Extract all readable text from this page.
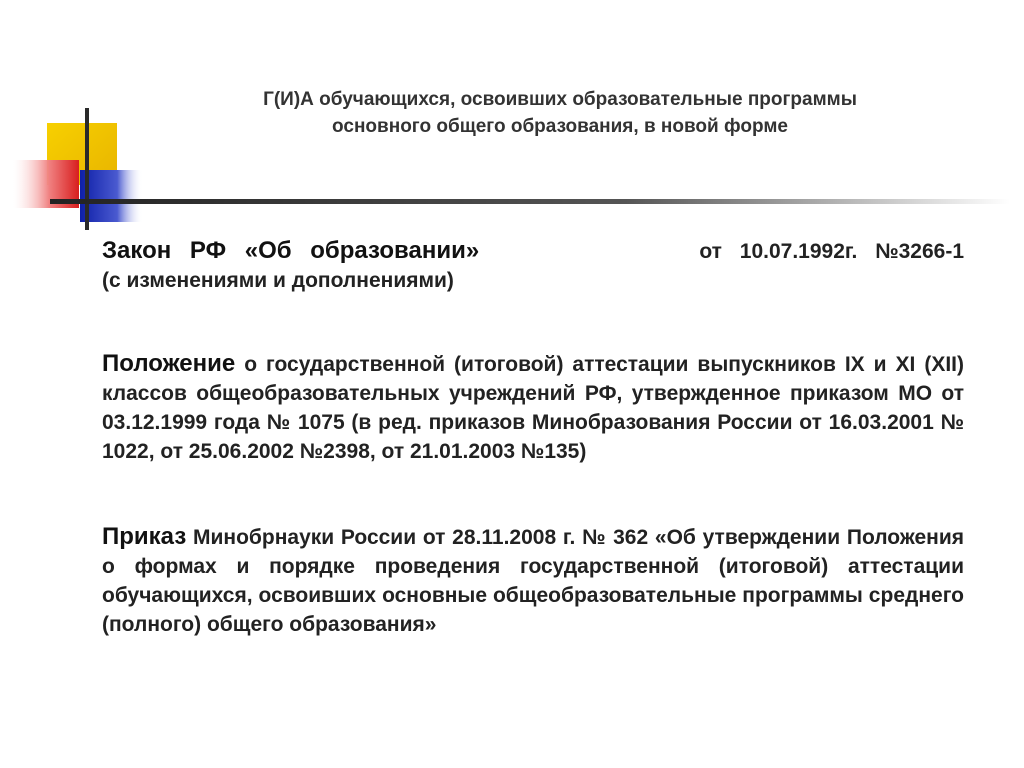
Г(И)А обучающихся, освоивших образовательные программы
основного общего образования, в новой форме
Закон РФ «Об образовании»	от 10.07.1992г. №3266-1
(с изменениями и дополнениями)

Положение о государственной (итоговой) аттестации выпускников IX и XI (XII) классов общеобразовательных учреждений РФ, утвержденное приказом МО от 03.12.1999 года № 1075 (в ред. приказов Минобразования России от 16.03.2001 № 1022, от 25.06.2002 №2398, от 21.01.2003 №135)

Приказ Минобрнауки России от 28.11.2008 г. № 362 «Об утверждении Положения о формах и порядке проведения государственной (итоговой) аттестации обучающихся, освоивших основные общеобразовательные программы среднего (полного) общего образования»
